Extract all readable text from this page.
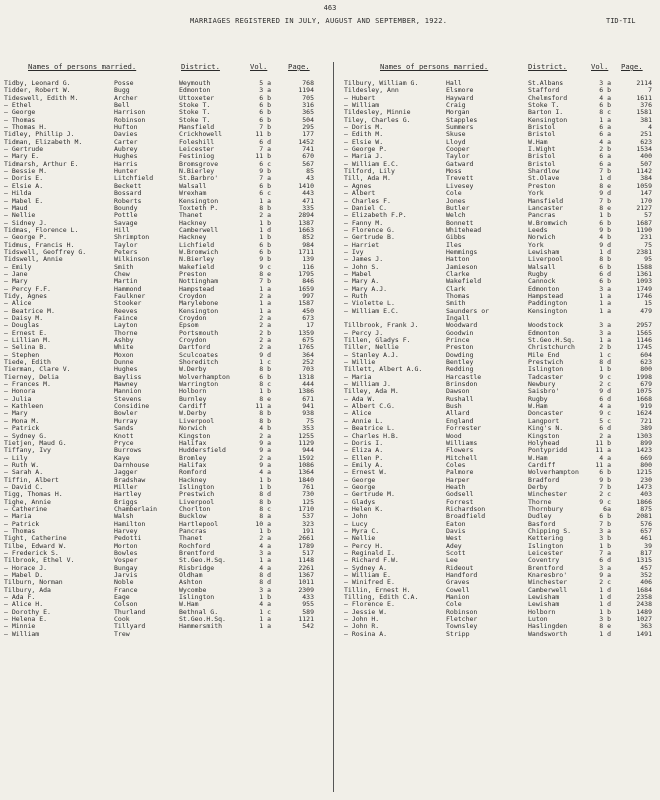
463
MARRIAGES REGISTERED IN JULY, AUGUST AND SEPTEMBER, 1922.	TID-TIL
Names of persons married.	District.	Vol.	Page.	Names of persons married.	District.	Vol. Page.
Tidby, Leonard G.	Posse	Weymouth	5 a	768
Tidder, Robert W.	Bugg	Edmonton	3 a	1194
Tideswell, Edith M.	Archer	Uttoxeter	6 b	705
— Ethel	Bell	Stoke T.	6 b	316
— George	Harrison	Stoke T.	6 b	365
— Thomas	Robinson	Stoke T.	6 b	504
— Thomas H.	Hufton	Mansfield	7 b	295
Tidley, Phillip J.	Davies	Crickhowell	11 b	177
Tidman, Elizabeth M.	Carter	Foleshill	6 d	1452
— Gertrude	Aubrey	Leicester	7 a	741
— Mary E.	Hughes	Festiniog	11 b	670
Tidmarsh, Arthur E.	Harris	Bromsgrove	6 c	567
— Bessie M.	Hunter	N.Bierley	9 b	85
— Doris E.	Litchfield	St.Barbro'	7 a	43
— Elsie A.	Beckett	Walsall	6 b	1410
— Hilda	Bossard	Wrexham	6 c	443
— Mabel E.	Roberts	Kensington	1 a	471
— Maud	Boundy	Toxteth P.	8 b	335
— Nellie	Pottle	Thanet	2 a	2894
— Sidney J.	Savage	Hackney	1 b	1387
Tidmas, Florence L.	Hill	Camberwell	1 d	1663
— George P.	Shrimpton	Hackney	1 b	852
Tidmus, Francis H.	Taylor	Lichfield	6 b	984
Tidswell, Geoffrey G.	Peters	W.Bromwich	6 b	1711
Tidswell, Annie	Wilkinson	N.Bierley	9 b	139
— Emily	Smith	Wakefield	9 c	116
— Jane	Chew	Preston	8 e	1795
— Mary	Martin	Nottingham	7 b	846
— Percy F.F.	Hammond	Hampstead	1 a	1659
Tidy, Agnes	Faulkner	Croydon	2 a	997
— Alice	Stooker	Marylebone	1 a	1587
— Beatrice M.	Reeves	Kensington	1 a	450
— Daisy M.	Faince	Croydon	2 a	673
— Douglas	Layton	Epsom	2 a	17
— Ernest E.	Thorne	Portsmouth	2 b	1359
— Lillian M.	Ashby	Croydon	2 a	675
— Selina B.	White	Dartford	2 a	1765
— Stephen	Moxon	Sculcoates	9 d	364
Tiede, Edith	Dunne	Shoreditch	1 c	252
Tierman, Clare V.	Hughes	W.Derby	8 b	703
Tierney, Delia	Bayliss	Wolverhampton	6 b	1318
— Frances M.	Mawney	Warrington	8 c	444
— Honora	Mannion	Holborn	1 b	1386
— Julia	Stevens	Burnley	8 e	671
— Kathleen	Considine	Cardiff	11 a	941
— Mary	Bowler	W.Derby	8 b	938
— Mona M.	Murray	Liverpool	8 b	75
— Patrick	Sands	Norwich	4 b	353
— Sydney G.	Knott	Kingston	2 a	1255
Tietjen, Maud G.	Pryce	Halifax	9 a	1129
Tiffany, Ivy	Burrows	Huddersfield	9 a	944
— Lily	Kaye	Bromley	2 a	1592
— Ruth W.	Darnhouse	Halifax	9 a	1086
— Sarah A.	Jagger	Romford	4 a	1364
Tiffin, Albert	Bradshaw	Hackney	1 b	1840
— David C.	Miller	Islington	1 b	761
Tigg, Thomas H.	Hartley	Prestwich	8 d	730
Tighe, Annie	Briggs	Liverpool	8 b	125
— Catherine	Chamberlain	Chorlton	8 c	1710
— Maria	Walsh	Bucklow	8 a	537
— Patrick	Hamilton	Hartlepool	10 a	323
— Thomas	Harvey	Pancras	1 b	191
Tight, Catherine	Pedotti	Thanet	2 a	2661
Tilbe, Edward W.	Morton	Rochford	4 a	1789
— Frederick S.	Bowles	Brentford	3 a	517
Tilbrook, Ethel V.	Vosper	St.Geo.H.Sq.	1 a	1148
— Horace J.	Bungay	Risbridge	4 a	2261
— Mabel D.	Jarvis	Oldham	8 d	1367
Tilburn, Norman	Noble	Ashton	8 d	1011
Tilbury, Ada	France	Wycombe	3 a	2309
— Ada F.	Eage	Islington	1 b	433
— Alice H.	Colson	W.Ham	4 a	955
— Dorothy E.	Thurland	Bethnal G.	1 c	589
— Helena E.	Cook	St.Geo.H.Sq.	1 a	1121
— Minnie	Tillyard	Hammersmith	1 a	542
— William	Trew
Tilbury, William G.	Hall	St.Albans	3 a	2114
Tildesley, Ann	Elsmore	Stafford	6 b	7
— Hubert	Hayward	Chelmsford	4 a	1611
— William	Craig	Stoke T.	6 b	376
Tildesley, Minnie	Morgan	Barton I.	8 c	1581
Tiley, Charles G.	Stapples	Kensington	1 a	381
— Doris M.	Summers	Bristol	6 a	4
— Edith M.	Skuse	Bristol	6 a	251
— Elsie W.	Lloyd	W.Ham	4 a	623
— George P.	Cooper	I.Wight	2 b	1534
— Maria J.	Taylor	Bristol	6 a	400
— William E.C.	Gatward	Bristol	6 a	507
Tilford, Lily	Moss	Shardlow	7 b	1142
Till, Ada M.	Trevett	St.Olave	1 d	384
— Agnes	Livesey	Preston	8 e	1059
— Albert	Cole	York	9 d	147
— Charles F.	Jones	Mansfield	7 b	170
— Daniel C.	Butler	Lancaster	8 e	2127
— Elizabeth F.P.	Welch	Pancras	1 b	57
— Fanny M.	Bonnett	W.Bromwich	6 b	1687
— Florence G.	Whitehead	Leeds	9 b	1190
— Gertrude B.	Gibbs	Norwich	4 b	231
— Harriet	Iles	York	9 d	75
— Ivy	Hemmings	Lewisham	1 d	2381
— James J.	Hatton	Liverpool	8 b	95
— John S.	Jamieson	Walsall	6 b	1588
— Mabel	Clarke	Rugby	6 d	1361
— Mary A.	Wakefield	Cannock	6 b	1093
— Mary A.J.	Clark	Edmonton	3 a	1749
— Ruth	Thomas	Hampstead	1 a	1746
— Violette L.	Smith	Paddington	1 a	15
— William E.C.	Saunders or	Kensington	1 a	479
Ingall
Tillbrook, Frank J.	Woodward	Woodstock	3 a	2957
— Percy J.	Goodwin	Edmonton	3 a	1565
Tillen, Gladys F.	Prince	St.Geo.H.Sq.	1 a	1146
Tiller, Nellie	Preston	Christchurch	2 b	1745
— Stanley A.J.	Dowding	Mile End	1 c	604
— Willie	Bentley	Prestwich	8 d	623
Tillett, Albert A.G.	Redding	Islington	1 b	800
— Maria	Harcastle	Tadcaster	9 c	1998
— William J.	Brinsdon	Newbury	2 c	679
Tilley, Ada M.	Dawson	Saisbro'	9 d	1075
— Ada W.	Rushall	Rugby	6 d	1668
— Albert C.G.	Bush	W.Ham	4 a	919
— Alice	Allard	Doncaster	9 c	1624
— Annie L.	England	Langport	5 c	721
— Beatrice L.	Forrester	King's N.	6 d	389
— Charles H.B.	Wood	Kingston	2 a	1303
— Doris I.	Williams	Holyhead	11 b	899
— Eliza A.	Flowers	Pontypridd	11 a	1423
— Ellen P.	Mitchell	W.Ham	4 a	669
— Emily A.	Coles	Cardiff	11 a	800
— Ernest W.	Palmore	Wolverhampton	6 b	1215
— George	Harper	Bradford	9 b	230
— George	Heath	Derby	7 b	1473
— Gertrude M.	Godsell	Winchester	2 c	403
— Gladys	Forrest	Thorne	9 c	1866
— Helen K.	Richardson	Thornbury	6a	875
— John	Broadfield	Dudley	6 b	2081
— Lucy	Eaton	Basford	7 b	576
— Myra C.	Davis	Chipping S.	3 a	657
— Nellie	West	Kettering	3 b	461
— Percy H.	Adey	Islington	1 b	39
— Reginald I.	Scott	Leicester	7 a	817
— Richard F.W.	Lee	Coventry	6 d	1315
— Sydney A.	Rideout	Brentford	3 a	457
— William E.	Handford	Knaresbro'	9 a	352
— Winifred E.	Graves	Winchester	2 c	406
Tillin, Ernest H.	Cowell	Camberwell	1 d	1684
Tilling, Edith C.A.	Manion	Lewisham	1 d	2358
— Florence E.	Cole	Lewisham	1 d	2438
— Jessie W.	Robinson	Holborn	1 b	1489
— John H.	Fletcher	Luton	3 b	1027
— John R.	Townsley	Haslingden	8 e	363
— Rosina A.	Stripp	Wandsworth	1 d	1491
